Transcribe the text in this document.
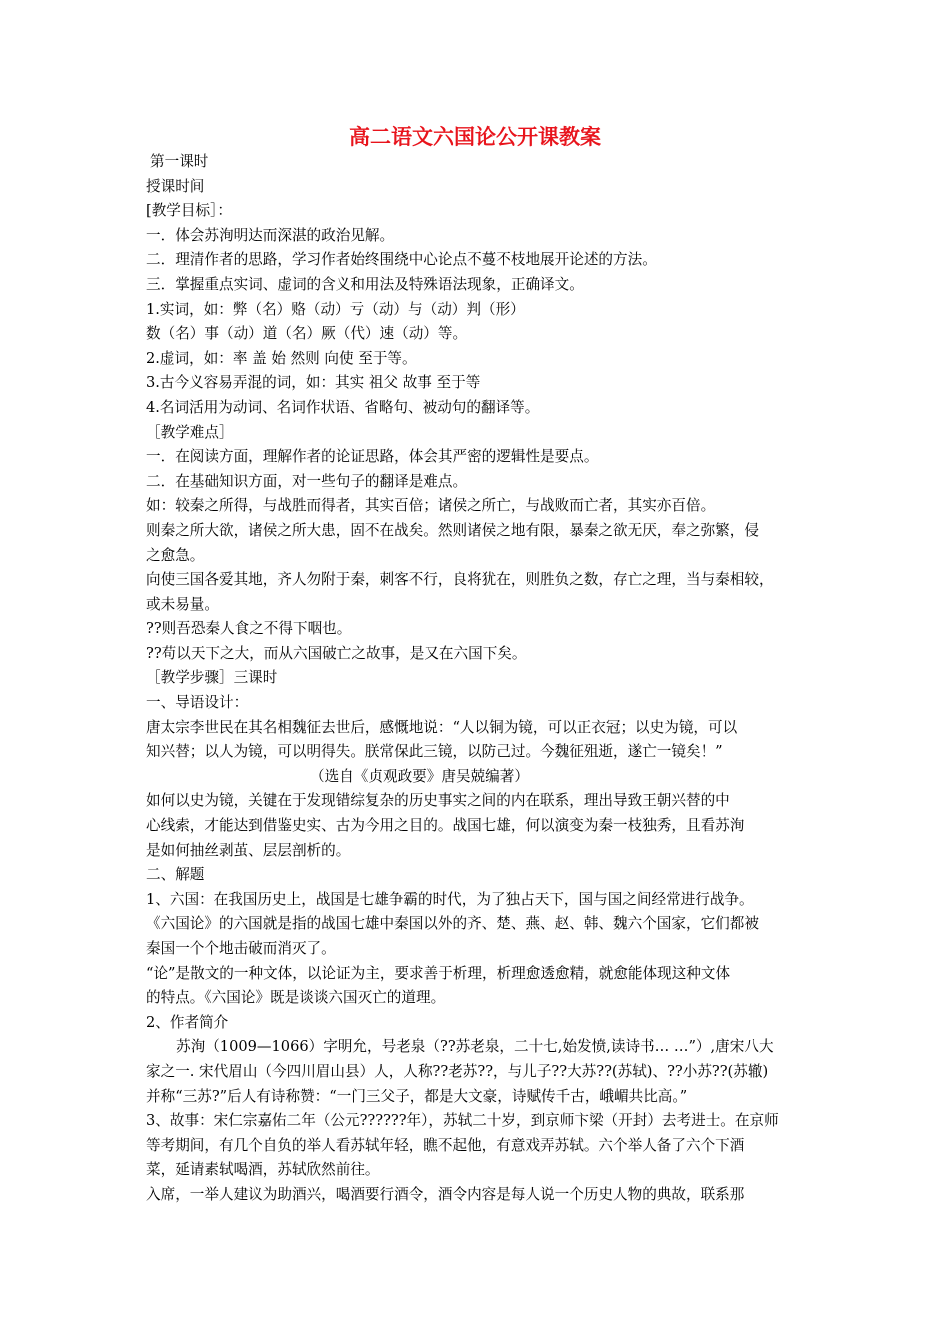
高二语文六国论公开课教案
第一课时
授课时间
[教学目标］：
一．体会苏洵明达而深湛的政治见解。
二．理清作者的思路，学习作者始终围绕中心论点不蔓不枝地展开论述的方法。
三．掌握重点实词、虚词的含义和用法及特殊语法现象，正确译文。
1.实词，如：弊（名）赂（动）亏（动）与（动）判（形）
数（名）事（动）道（名）厥（代）速（动）等。
2.虚词，如：率 盖 始 然则 向使 至于等。
3.古今义容易弄混的词，如：其实 祖父 故事 至于等
4.名词活用为动词、名词作状语、省略句、被动句的翻译等。
［教学难点］
一．在阅读方面，理解作者的论证思路，体会其严密的逻辑性是要点。
二．在基础知识方面，对一些句子的翻译是难点。
如：较秦之所得，与战胜而得者，其实百倍；诸侯之所亡，与战败而亡者，其实亦百倍。
则秦之所大欲，诸侯之所大患，固不在战矣。然则诸侯之地有限，暴秦之欲无厌，奉之弥繁，侵
之愈急。
向使三国各爱其地，齐人勿附于秦，刺客不行，良将犹在，则胜负之数，存亡之理，当与秦相较，
或未易量。
??则吾恐秦人食之不得下咽也。
??苟以天下之大，而从六国破亡之故事，是又在六国下矣。
［教学步骤］三课时
一、导语设计：
唐太宗李世民在其名相魏征去世后，感慨地说：“人以铜为镜，可以正衣冠；以史为镜，可以
知兴替；以人为镜，可以明得失。朕常保此三镜，以防己过。今魏征殂逝，遂亡一镜矣！”
（选自《贞观政要》唐吴兢编著）
如何以史为镜，关键在于发现错综复杂的历史事实之间的内在联系，理出导致王朝兴替的中
心线索，才能达到借鉴史实、古为今用之目的。战国七雄，何以演变为秦一枝独秀，且看苏洵
是如何抽丝剥茧、层层剖析的。
二、解题
1、六国：在我国历史上，战国是七雄争霸的时代，为了独占天下，国与国之间经常进行战争。
《六国论》的六国就是指的战国七雄中秦国以外的齐、楚、燕、赵、韩、魏六个国家，它们都被
秦国一个个地击破而消灭了。
“论”是散文的一种文体，以论证为主，要求善于析理，析理愈透愈精，就愈能体现这种文体
的特点。《六国论》既是谈谈六国灭亡的道理。
2、作者简介
苏洵（1009—1066）字明允，号老泉（??苏老泉，二十七,始发愤,读诗书… …”）,唐宋八大
家之一. 宋代眉山（今四川眉山县）人，人称??老苏??，与儿子??大苏??(苏轼)、??小苏??(苏辙)
并称“三苏?”后人有诗称赞：“一门三父子，都是大文豪，诗赋传千古，峨嵋共比高。”
3、故事：宋仁宗嘉佑二年（公元??????年），苏轼二十岁，到京师卞梁（开封）去考进士。在京师
等考期间，有几个自负的举人看苏轼年轻，瞧不起他，有意戏弄苏轼。六个举人备了六个下酒
菜，延请素轼喝酒，苏轼欣然前往。
入席，一举人建议为助酒兴，喝酒要行酒令，酒令内容是每人说一个历史人物的典故，联系那
